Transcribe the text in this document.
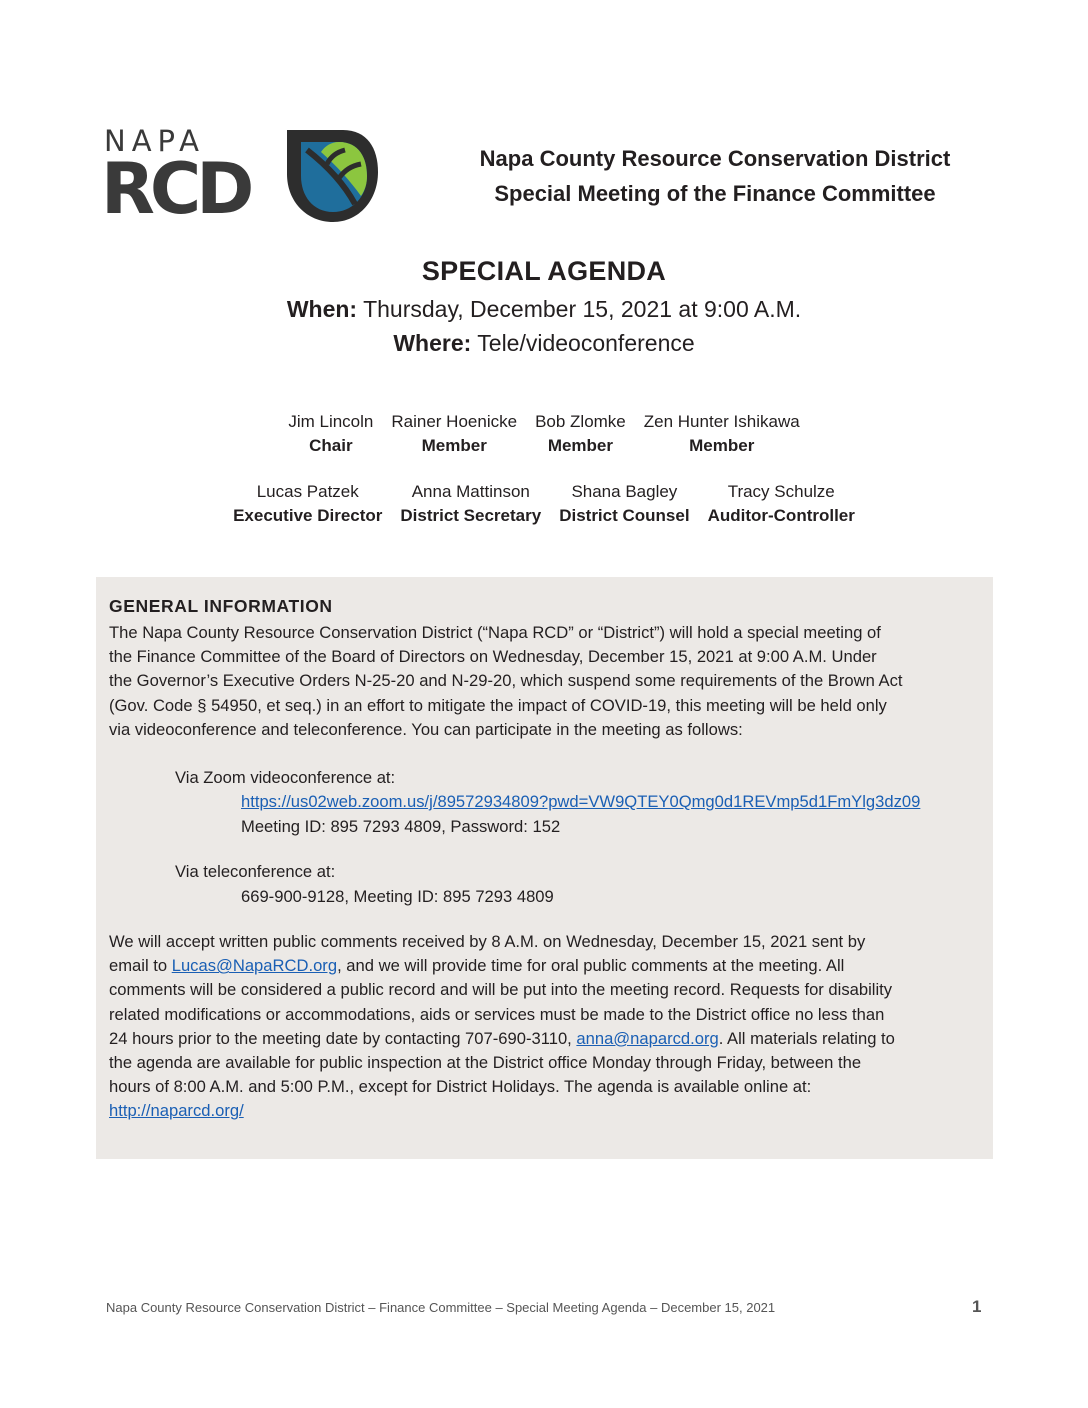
NAPA
RCD	Napa County Resource Conservation District
Special Meeting of the Finance Committee
SPECIAL AGENDA
When: Thursday, December 15, 2021 at 9:00 A.M.
Where: Tele/videoconference
Jim Lincoln
Chair
Rainer Hoenicke
Member
Bob Zlomke
Member
Zen Hunter Ishikawa
Member
Lucas Patzek
Executive Director
Anna Mattinson
District Secretary
Shana Bagley
District Counsel
Tracy Schulze
Auditor-Controller
GENERAL INFORMATION
The Napa County Resource Conservation District (“Napa RCD” or “District”) will hold a special meeting of
the Finance Committee of the Board of Directors on Wednesday, December 15, 2021 at 9:00 A.M. Under
the Governor’s Executive Orders N-25-20 and N-29-20, which suspend some requirements of the Brown Act
(Gov. Code § 54950, et seq.) in an effort to mitigate the impact of COVID-19, this meeting will be held only
via videoconference and teleconference. You can participate in the meeting as follows:
Via Zoom videoconference at:
https://us02web.zoom.us/j/89572934809?pwd=VW9QTEY0Qmg0d1REVmp5d1FmYlg3dz09
Meeting ID: 895 7293 4809, Password: 152
Via teleconference at:
669-900-9128, Meeting ID: 895 7293 4809
We will accept written public comments received by 8 A.M. on Wednesday, December 15, 2021 sent by
email to Lucas@NapaRCD.org, and we will provide time for oral public comments at the meeting. All
comments will be considered a public record and will be put into the meeting record. Requests for disability
related modifications or accommodations, aids or services must be made to the District office no less than
24 hours prior to the meeting date by contacting 707-690-3110, anna@naparcd.org. All materials relating to
the agenda are available for public inspection at the District office Monday through Friday, between the
hours of 8:00 A.M. and 5:00 P.M., except for District Holidays. The agenda is available online at:
http://naparcd.org/
Napa County Resource Conservation District – Finance Committee – Special Meeting Agenda – December 15, 2021	1
